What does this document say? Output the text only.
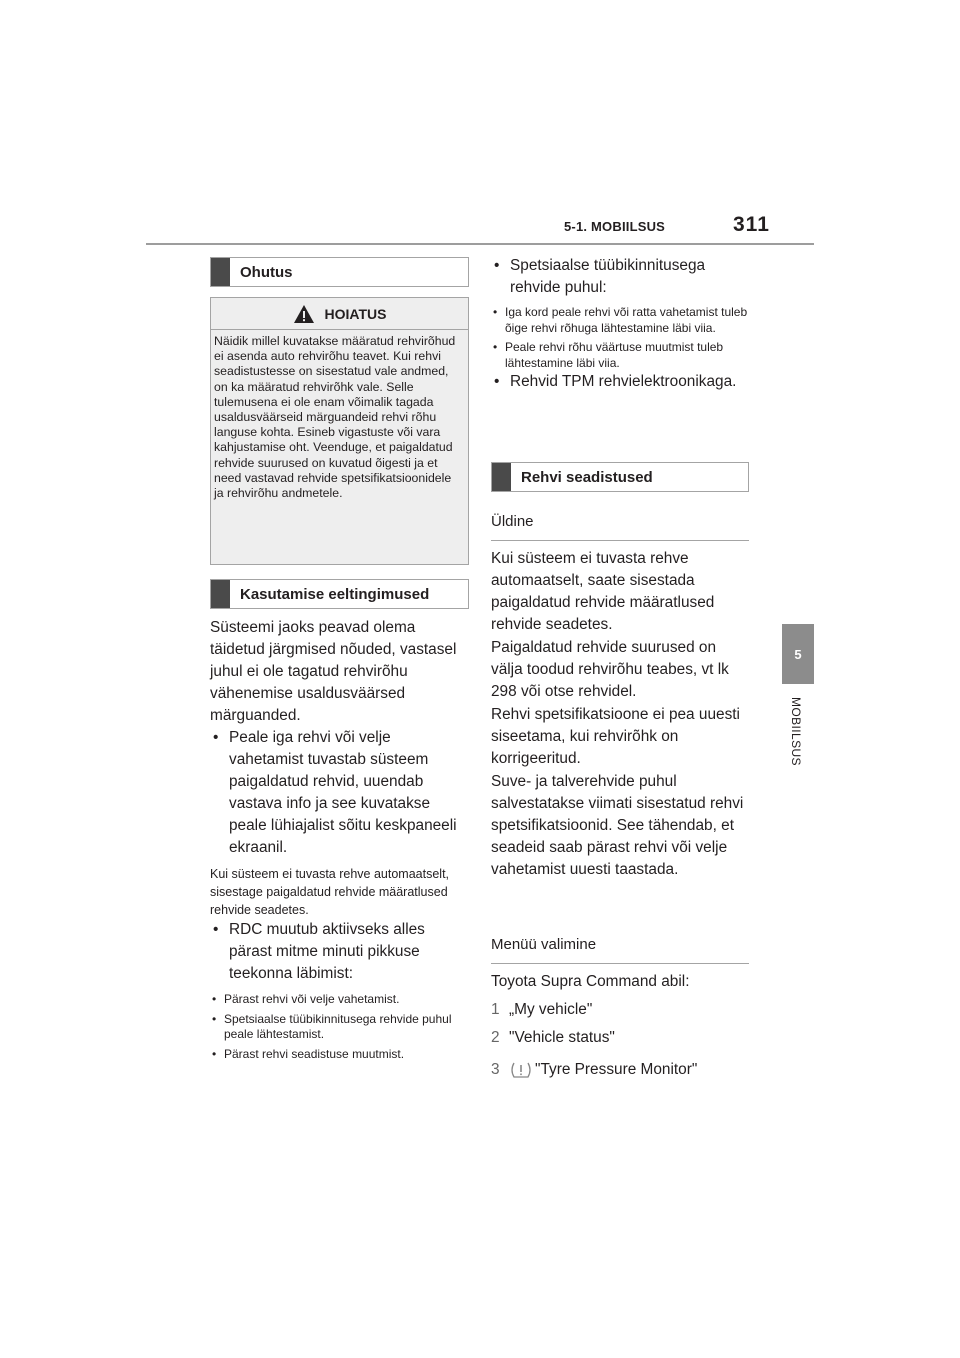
5-1. MOBIILSUS	311
5
MOBIILSUS
Ohutus
HOIATUS
Näidik millel kuvatakse määratud rehvirõhud ei asenda auto rehvirõhu teavet. Kui rehvi seadistustesse on sisestatud vale andmed, on ka määratud rehvirõhk vale. Selle tulemusena ei ole enam võimalik tagada usaldusväärseid märguandeid rehvi rõhu languse kohta. Esineb vigastuste või vara kahjustamise oht. Veenduge, et paigaldatud rehvide suurused on kuvatud õigesti ja et need vastavad rehvide spetsifikatsioonidele ja rehvirõhu andmetele.
Kasutamise eeltingimused
Süsteemi jaoks peavad olema täidetud järgmised nõuded, vastasel juhul ei ole tagatud rehvirõhu vähenemise usaldusväärsed märguanded.
• Peale iga rehvi või velje vahetamist tuvastab süsteem paigaldatud rehvid, uuendab vastava info ja see kuvatakse peale lühiajalist sõitu keskpaneeli ekraanil.
Kui süsteem ei tuvasta rehve automaatselt, sisestage paigaldatud rehvide määratlused rehvide seadetes.
• RDC muutub aktiivseks alles pärast mitme minuti pikkuse teekonna läbimist:
• Pärast rehvi või velje vahetamist.
• Spetsiaalse tüübikinnitusega rehvide puhul peale lähtestamist.
• Pärast rehvi seadistuse muutmist.
• Spetsiaalse tüübikinnitusega rehvide puhul:
• Iga kord peale rehvi või ratta vahetamist tuleb õige rehvi rõhuga lähtestamine läbi viia.
• Peale rehvi rõhu väärtuse muutmist tuleb lähtestamine läbi viia.
• Rehvid TPM rehvielektroonikaga.
Rehvi seadistused
Üldine
Kui süsteem ei tuvasta rehve automaatselt, saate sisestada paigaldatud rehvide määratlused rehvide seadetes.
Paigaldatud rehvide suurused on välja toodud rehvirõhu teabes, vt lk 298 või otse rehvidel.
Rehvi spetsifikatsioone ei pea uuesti siseetama, kui rehvirõhk on korrigeeritud.
Suve- ja talverehvide puhul salvestatakse viimati sisestatud rehvi spetsifikatsioonid. See tähendab, et seadeid saab pärast rehvi või velje vahetamist uuesti taastada.
Menüü valimine
Toyota Supra Command abil:
1 „My vehicle"
2 "Vehicle status"
3	"Tyre Pressure Monitor"
